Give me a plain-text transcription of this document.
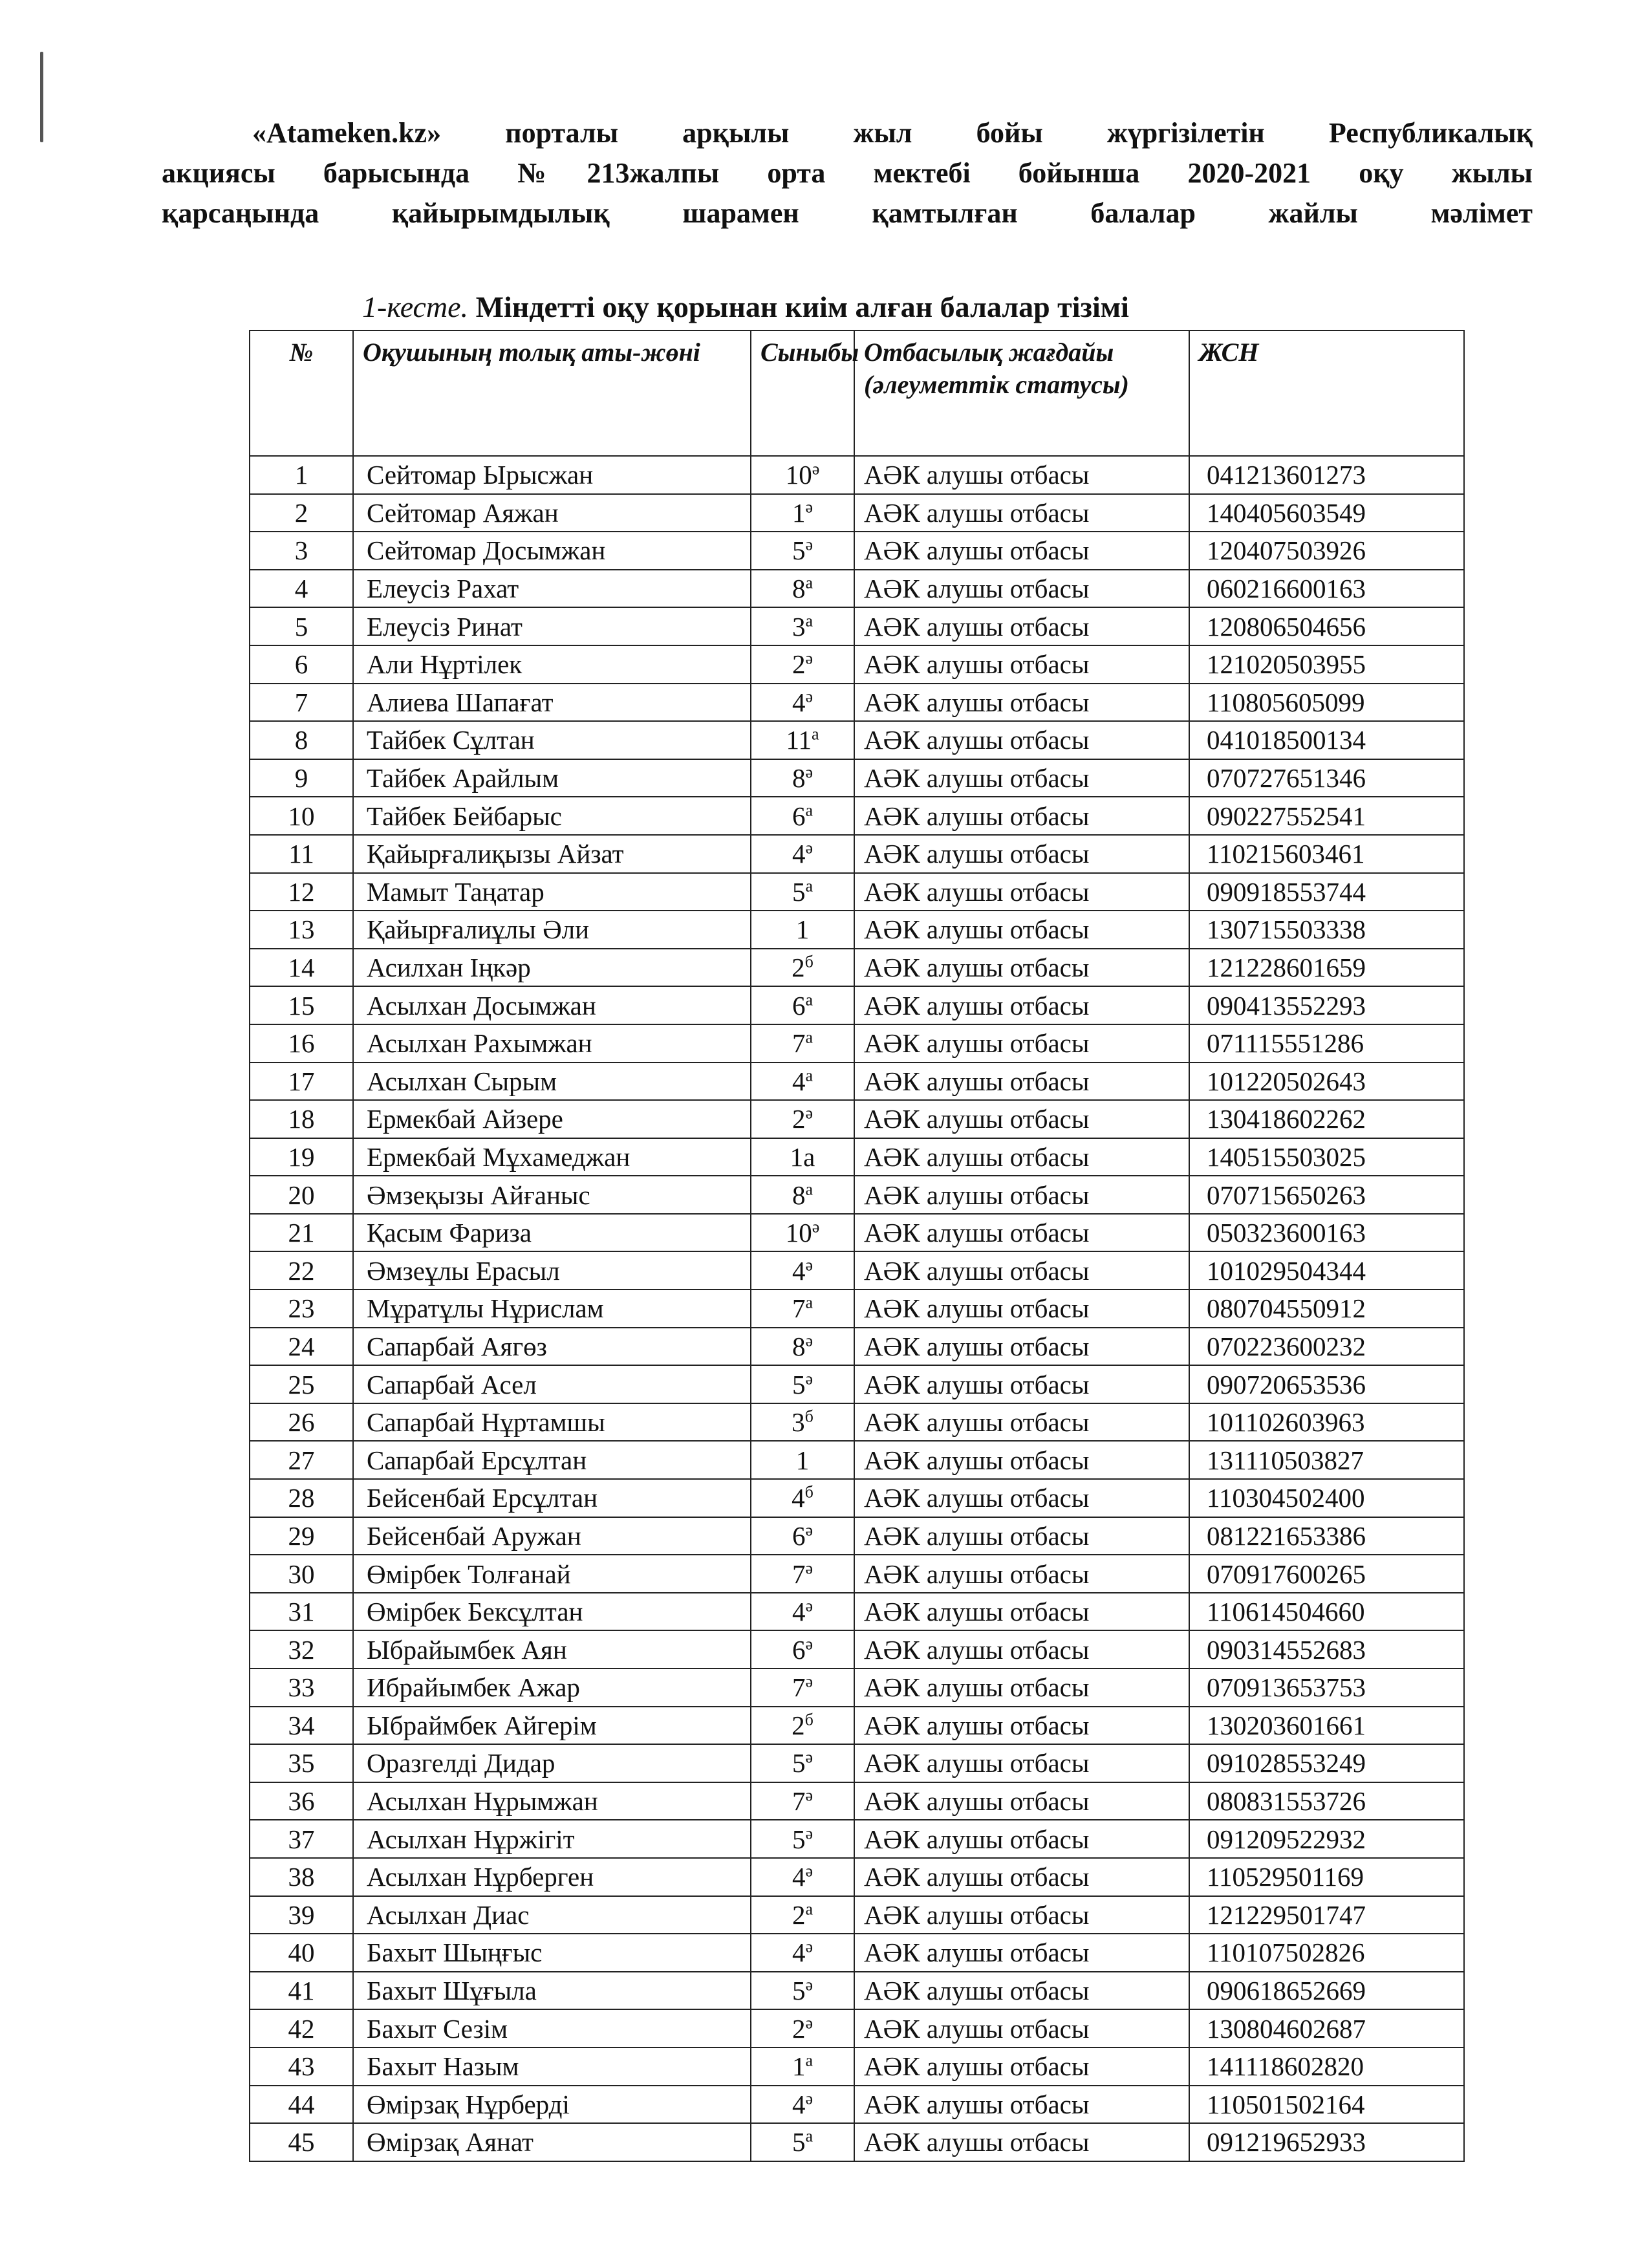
«Atameken.kz» порталы арқылы жыл бойы жүргізілетін Республикалық
акциясы барысында №213жалпы орта мектебі бойынша 2020-2021 оқу жылы
қарсаңында қайырымдылық шарамен қамтылған балалар жайлы мәлімет
1-кесте. Міндетті оқу қорынан киім алған балалар тізімі
№	Оқушының толық аты-жөні	Сыныбы	Отбасылық жағдайы (әлеуметтік статусы)	ЖСН
1	Сейтомар Ырысжан	$10^ә$	АӘК алушы отбасы	041213601273
2	Сейтомар Аяжан	$1^ә$	АӘК алушы отбасы	140405603549
3	Сейтомар Досымжан	$5^ә$	АӘК алушы отбасы	120407503926
4	Елеусіз Рахат	$8^а$	АӘК алушы отбасы	060216600163
5	Елеусіз Ринат	$3^а$	АӘК алушы отбасы	120806504656
6	Али Нұртілек	$2^ә$	АӘК алушы отбасы	121020503955
7	Алиева Шапағат	$4^ә$	АӘК алушы отбасы	110805605099
8	Тайбек Сұлтан	$11^а$	АӘК алушы отбасы	041018500134
9	Тайбек Арайлым	$8^ә$	АӘК алушы отбасы	070727651346
10	Тайбек Бейбарыс	$6^а$	АӘК алушы отбасы	090227552541
11	Қайырғалиқызы Айзат	$4^ә$	АӘК алушы отбасы	110215603461
12	Мамыт Таңатар	$5^а$	АӘК алушы отбасы	090918553744
13	Қайырғалиұлы Әли	1	АӘК алушы отбасы	130715503338
14	Асилхан Іңкәр	$2^б$	АӘК алушы отбасы	121228601659
15	Асылхан Досымжан	$6^а$	АӘК алушы отбасы	090413552293
16	Асылхан Рахымжан	$7^а$	АӘК алушы отбасы	071115551286
17	Асылхан Сырым	$4^а$	АӘК алушы отбасы	101220502643
18	Ермекбай Айзере	$2^ә$	АӘК алушы отбасы	130418602262
19	Ермекбай Мұхамеджан	1а	АӘК алушы отбасы	140515503025
20	Әмзеқызы Айғаныс	$8^а$	АӘК алушы отбасы	070715650263
21	Қасым Фариза	$10^ә$	АӘК алушы отбасы	050323600163
22	Әмзеұлы Ерасыл	$4^ә$	АӘК алушы отбасы	101029504344
23	Мұратұлы Нұрислам	$7^а$	АӘК алушы отбасы	080704550912
24	Сапарбай Аягөз	$8^ә$	АӘК алушы отбасы	070223600232
25	Сапарбай Асел	$5^ә$	АӘК алушы отбасы	090720653536
26	Сапарбай Нұртамшы	$3^б$	АӘК алушы отбасы	101102603963
27	Сапарбай Ерсұлтан	1	АӘК алушы отбасы	131110503827
28	Бейсенбай Ерсұлтан	$4^б$	АӘК алушы отбасы	110304502400
29	Бейсенбай Аружан	$6^ә$	АӘК алушы отбасы	081221653386
30	Өмірбек Толғанай	$7^ә$	АӘК алушы отбасы	070917600265
31	Өмірбек Бексұлтан	$4^ә$	АӘК алушы отбасы	110614504660
32	Ыбрайымбек Аян	$6^ә$	АӘК алушы отбасы	090314552683
33	Ибрайымбек Ажар	$7^ә$	АӘК алушы отбасы	070913653753
34	Ыбраймбек Айгерім	$2^б$	АӘК алушы отбасы	130203601661
35	Оразгелді Дидар	$5^ә$	АӘК алушы отбасы	091028553249
36	Асылхан Нұрымжан	$7^ә$	АӘК алушы отбасы	080831553726
37	Асылхан Нұржігіт	$5^ә$	АӘК алушы отбасы	091209522932
38	Асылхан Нұрберген	$4^ә$	АӘК алушы отбасы	110529501169
39	Асылхан Диас	$2^а$	АӘК алушы отбасы	121229501747
40	Бахыт Шыңғыс	$4^ә$	АӘК алушы отбасы	110107502826
41	Бахыт Шұғыла	$5^ә$	АӘК алушы отбасы	090618652669
42	Бахыт Сезім	$2^ә$	АӘК алушы отбасы	130804602687
43	Бахыт Назым	$1^а$	АӘК алушы отбасы	141118602820
44	Өмірзақ Нұрберді	$4^ә$	АӘК алушы отбасы	110501502164
45	Өмірзақ Аянат	$5^а$	АӘК алушы отбасы	091219652933
